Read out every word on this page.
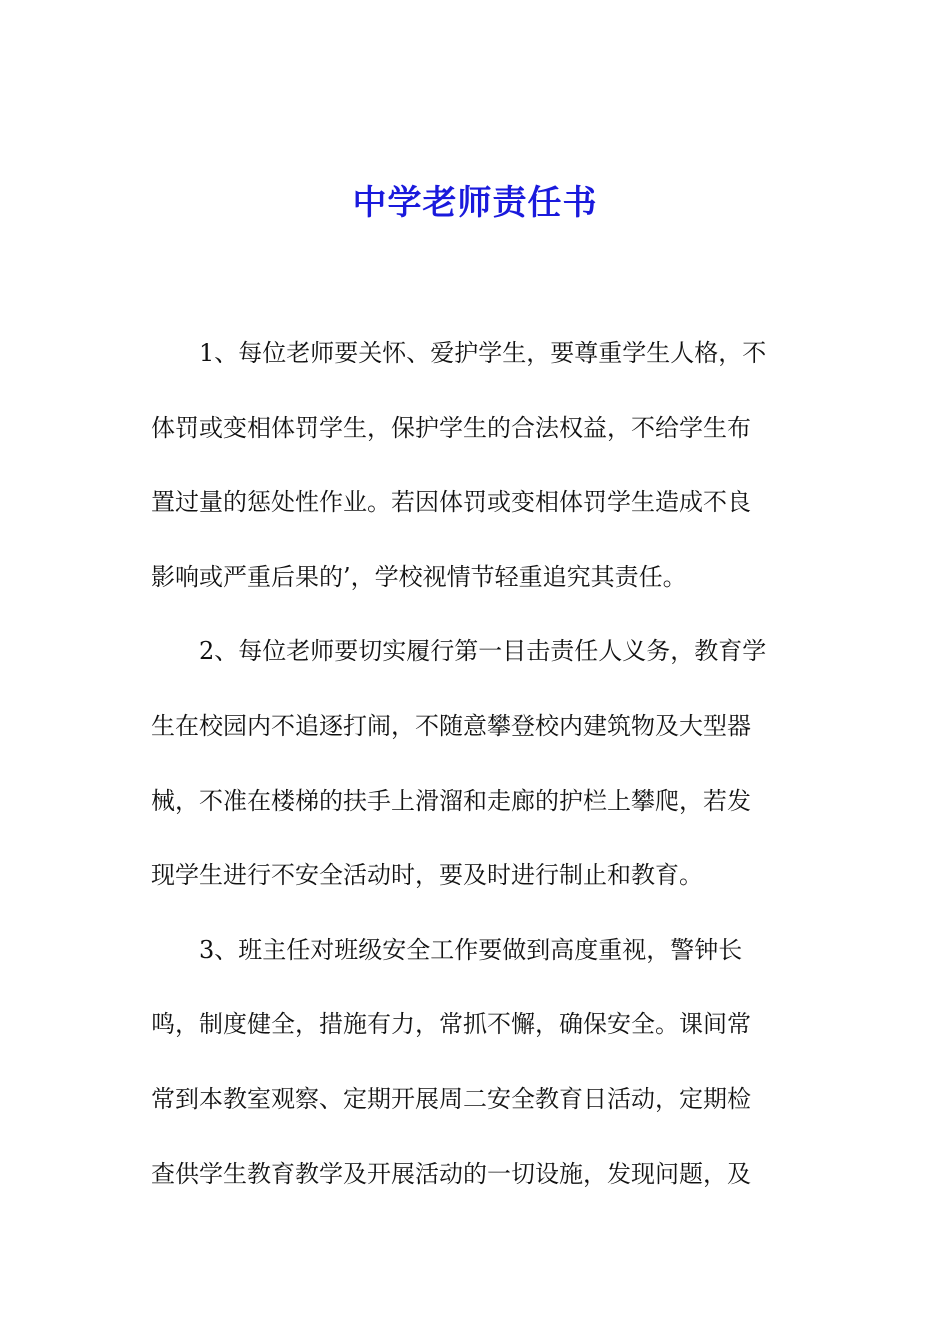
中学老师责任书
1、每位老师要关怀、爱护学生，要尊重学生人格，不
体罚或变相体罚学生，保护学生的合法权益，不给学生布
置过量的惩处性作业。若因体罚或变相体罚学生造成不良
影响或严重后果的’，学校视情节轻重追究其责任。
2、每位老师要切实履行第一目击责任人义务，教育学
生在校园内不追逐打闹，不随意攀登校内建筑物及大型器
械，不准在楼梯的扶手上滑溜和走廊的护栏上攀爬，若发
现学生进行不安全活动时，要及时进行制止和教育。
3、班主任对班级安全工作要做到高度重视，警钟长
鸣，制度健全，措施有力，常抓不懈，确保安全。课间常
常到本教室观察、定期开展周二安全教育日活动，定期检
查供学生教育教学及开展活动的一切设施，发现问题，及
